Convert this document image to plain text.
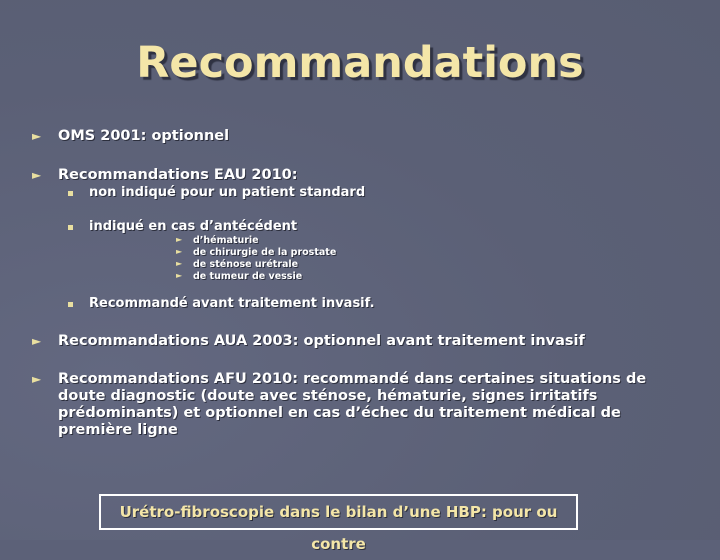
Recommandations
► OMS 2001: optionnel
► Recommandations EAU 2010:
non indiqué pour un patient standard
indiqué en cas d’antécédent
► d’hématurie
► de chirurgie de la prostate
► de sténose urétrale
► de tumeur de vessie
Recommandé avant traitement invasif.
► Recommandations AUA 2003: optionnel avant traitement invasif
► Recommandations AFU 2010: recommandé dans certaines situations de doute diagnostic (doute avec sténose, hématurie, signes irritatifs prédominants) et optionnel en cas d’échec du traitement médical de première ligne
Urétro-fibroscopie dans le bilan d’une HBP: pour ou contre
